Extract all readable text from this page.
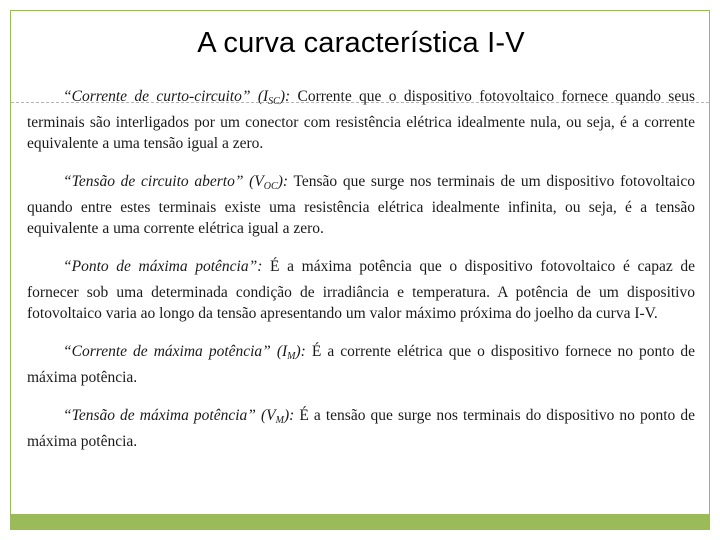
A curva característica I-V

“Corrente de curto-circuito” $(I_{SC})$: Corrente que o dispositivo fotovoltaico fornece quando seus terminais são interligados por um conector com resistência elétrica idealmente nula, ou seja, é a corrente equivalente a uma tensão igual a zero.

“Tensão de circuito aberto” $(V_{OC})$: Tensão que surge nos terminais de um dispositivo fotovoltaico quando entre estes terminais existe uma resistência elétrica idealmente infinita, ou seja, é a tensão equivalente a uma corrente elétrica igual a zero.

“Ponto de máxima potência”: É a máxima potência que o dispositivo fotovoltaico é capaz de fornecer sob uma determinada condição de irradiância e temperatura. A potência de um dispositivo fotovoltaico varia ao longo da tensão apresentando um valor máximo próxima do joelho da curva I-V.

“Corrente de máxima potência” $(I_M)$: É a corrente elétrica que o dispositivo fornece no ponto de máxima potência.

“Tensão de máxima potência” $(V_M)$: É a tensão que surge nos terminais do dispositivo no ponto de máxima potência.
